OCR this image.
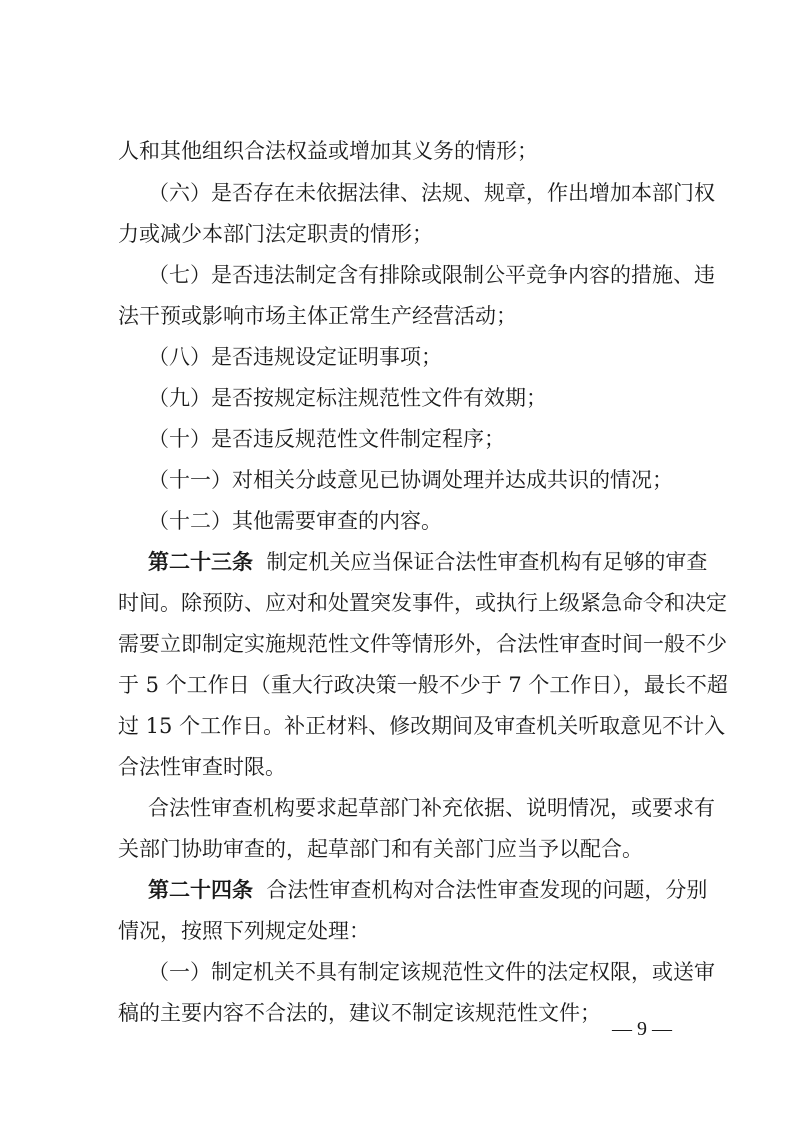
人和其他组织合法权益或增加其义务的情形；
（六）是否存在未依据法律、法规、规章，作出增加本部门权
力或减少本部门法定职责的情形；
（七）是否违法制定含有排除或限制公平竞争内容的措施、违
法干预或影响市场主体正常生产经营活动；
（八）是否违规设定证明事项；
（九）是否按规定标注规范性文件有效期；
（十）是否违反规范性文件制定程序；
（十一）对相关分歧意见已协调处理并达成共识的情况；
（十二）其他需要审查的内容。
第二十三条 制定机关应当保证合法性审查机构有足够的审查
时间。除预防、应对和处置突发事件，或执行上级紧急命令和决定
需要立即制定实施规范性文件等情形外，合法性审查时间一般不少
于 5 个工作日（重大行政决策一般不少于 7 个工作日），最长不超
过 15 个工作日。补正材料、修改期间及审查机关听取意见不计入
合法性审查时限。
合法性审查机构要求起草部门补充依据、说明情况，或要求有
关部门协助审查的，起草部门和有关部门应当予以配合。
第二十四条 合法性审查机构对合法性审查发现的问题，分别
情况，按照下列规定处理：
（一）制定机关不具有制定该规范性文件的法定权限，或送审
稿的主要内容不合法的，建议不制定该规范性文件；
— 9 —
